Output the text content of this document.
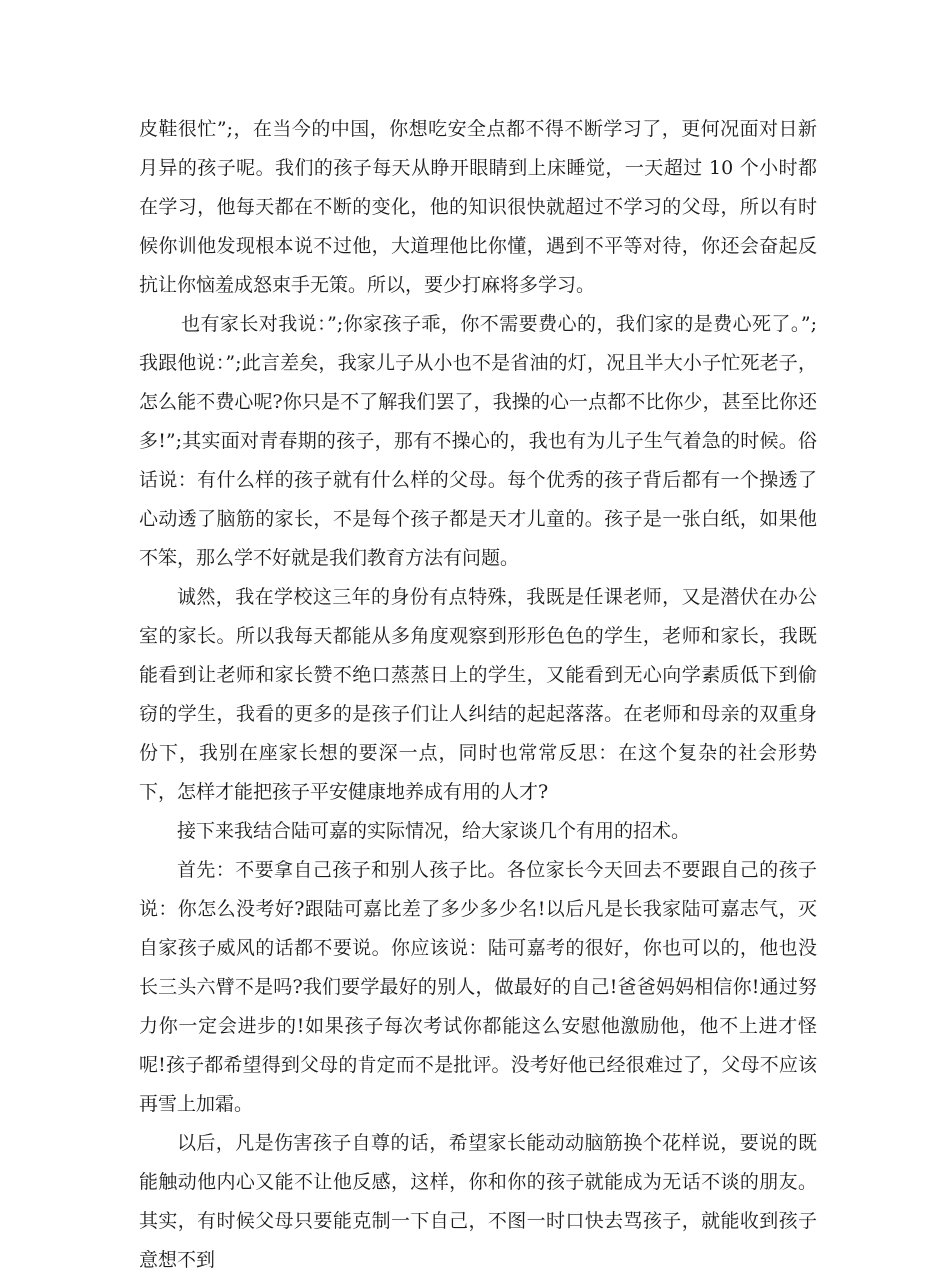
皮鞋很忙”;，在当今的中国，你想吃安全点都不得不断学习了，更何况面对日新月异的孩子呢。我们的孩子每天从睁开眼睛到上床睡觉，一天超过 10 个小时都在学习，他每天都在不断的变化，他的知识很快就超过不学习的父母，所以有时候你训他发现根本说不过他，大道理他比你懂，遇到不平等对待，你还会奋起反抗让你恼羞成怒束手无策。所以，要少打麻将多学习。

也有家长对我说：”;你家孩子乖，你不需要费心的，我们家的是费心死了。”;我跟他说：”;此言差矣，我家儿子从小也不是省油的灯，况且半大小子忙死老子，怎么能不费心呢?你只是不了解我们罢了，我操的心一点都不比你少，甚至比你还多!”;其实面对青春期的孩子，那有不操心的，我也有为儿子生气着急的时候。俗话说：有什么样的孩子就有什么样的父母。每个优秀的孩子背后都有一个操透了心动透了脑筋的家长，不是每个孩子都是天才儿童的。孩子是一张白纸，如果他不笨，那么学不好就是我们教育方法有问题。

诚然，我在学校这三年的身份有点特殊，我既是任课老师，又是潜伏在办公室的家长。所以我每天都能从多角度观察到形形色色的学生，老师和家长，我既能看到让老师和家长赞不绝口蒸蒸日上的学生，又能看到无心向学素质低下到偷窃的学生，我看的更多的是孩子们让人纠结的起起落落。在老师和母亲的双重身份下，我别在座家长想的要深一点，同时也常常反思：在这个复杂的社会形势下，怎样才能把孩子平安健康地养成有用的人才?

接下来我结合陆可嘉的实际情况，给大家谈几个有用的招术。

首先：不要拿自己孩子和别人孩子比。各位家长今天回去不要跟自己的孩子说：你怎么没考好?跟陆可嘉比差了多少多少名!以后凡是长我家陆可嘉志气，灭自家孩子威风的话都不要说。你应该说：陆可嘉考的很好，你也可以的，他也没长三头六臂不是吗?我们要学最好的别人，做最好的自己!爸爸妈妈相信你!通过努力你一定会进步的!如果孩子每次考试你都能这么安慰他激励他，他不上进才怪呢!孩子都希望得到父母的肯定而不是批评。没考好他已经很难过了，父母不应该再雪上加霜。

以后，凡是伤害孩子自尊的话，希望家长能动动脑筋换个花样说，要说的既能触动他内心又能不让他反感，这样，你和你的孩子就能成为无话不谈的朋友。其实，有时候父母只要能克制一下自己，不图一时口快去骂孩子，就能收到孩子意想不到
